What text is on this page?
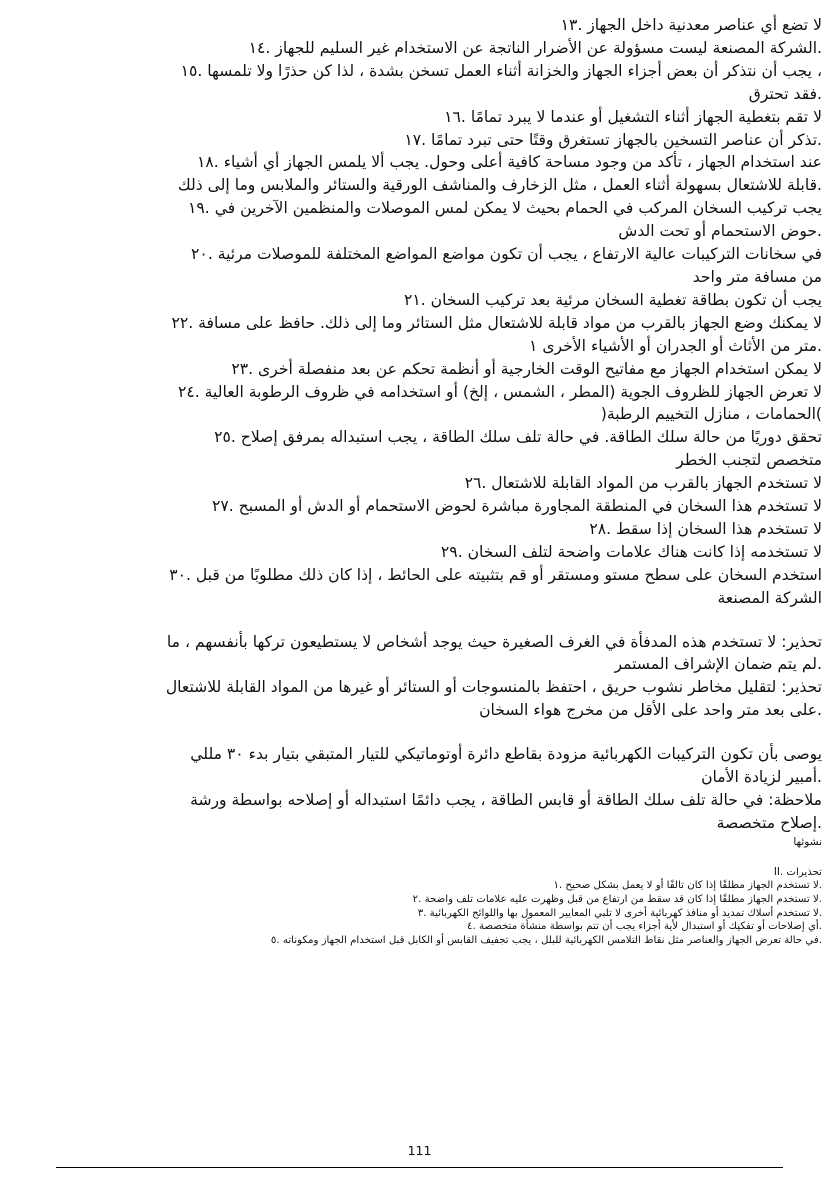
لا تضع أي عناصر معدنية داخل الجهاز .١٣

.الشركة المصنعة ليست مسؤولة عن الأضرار الناتجة عن الاستخدام غير السليم للجهاز .١٤

، يجب أن نتذكر أن بعض أجزاء الجهاز والخزانة أثناء العمل تسخن بشدة ، لذا كن حذرًا ولا تلمسها .١٥

.فقد تحترق

لا تقم بتغطية الجهاز أثناء التشغيل أو عندما لا يبرد تمامًا .١٦

.تذكر أن عناصر التسخين بالجهاز تستغرق وقتًا حتى تبرد تمامًا .١٧

عند استخدام الجهاز ، تأكد من وجود مساحة كافية أعلى وحول. يجب ألا يلمس الجهاز أي أشياء .١٨

.قابلة للاشتعال بسهولة أثناء العمل ، مثل الزخارف والمناشف الورقية والستائر والملابس وما إلى ذلك

يجب تركيب السخان المركب في الحمام بحيث لا يمكن لمس الموصلات والمنظمين الآخرين في .١٩

.حوض الاستحمام أو تحت الدش

في سخانات التركيبات عالية الارتفاع ، يجب أن تكون مواضع المواضع المختلفة للموصلات مرئية .٢٠

من مسافة متر واحد

يجب أن تكون بطاقة تغطية السخان مرئية بعد تركيب السخان .٢١

لا يمكنك وضع الجهاز بالقرب من مواد قابلة للاشتعال مثل الستائر وما إلى ذلك. حافظ على مسافة .٢٢

.متر من الأثاث أو الجدران أو الأشياء الأخرى ١

لا يمكن استخدام الجهاز مع مفاتيح الوقت الخارجية أو أنظمة تحكم عن بعد منفصلة أخرى .٢٣

لا تعرض الجهاز للظروف الجوية (المطر ، الشمس ، إلخ) أو استخدامه في ظروف الرطوبة العالية .٢٤

)الحمامات ، منازل التخييم الرطبة(

تحقق دوريًا من حالة سلك الطاقة. في حالة تلف سلك الطاقة ، يجب استبداله بمرفق إصلاح .٢٥

متخصص لتجنب الخطر

لا تستخدم الجهاز بالقرب من المواد القابلة للاشتعال .٢٦

لا تستخدم هذا السخان في المنطقة المجاورة مباشرة لحوض الاستحمام أو الدش أو المسبح .٢٧

لا تستخدم هذا السخان إذا سقط .٢٨

لا تستخدمه إذا كانت هناك علامات واضحة لتلف السخان .٢٩

استخدم السخان على سطح مستو ومستقر أو قم بتثبيته على الحائط ، إذا كان ذلك مطلوبًا من قبل .٣٠

الشركة المصنعة

تحذير: لا تستخدم هذه المدفأة في الغرف الصغيرة حيث يوجد أشخاص لا يستطيعون تركها بأنفسهم ، ما

.لم يتم ضمان الإشراف المستمر

تحذير: لتقليل مخاطر نشوب حريق ، احتفظ بالمنسوجات أو الستائر أو غيرها من المواد القابلة للاشتعال

.على بعد متر واحد على الأقل من مخرج هواء السخان

يوصى بأن تكون التركيبات الكهربائية مزودة بقاطع دائرة أوتوماتيكي للتيار المتبقي بتيار بدء ٣٠ مللي

.أمبير لزيادة الأمان

ملاحظة: في حالة تلف سلك الطاقة أو قابس الطاقة ، يجب دائمًا استبداله أو إصلاحه بواسطة ورشة

.إصلاح متخصصة

نشوئها

تحذيرات .II

.لا تستخدم الجهاز مطلقًا إذا كان تالفًا أو لا يعمل بشكل صحيح .١

.لا تستخدم الجهاز مطلقًا إذا كان قد سقط من ارتفاع من قبل وظهرت عليه علامات تلف واضحة .٢

.لا تستخدم أسلاك تمديد أو منافذ كهربائية أخرى لا تلبي المعايير المعمول بها واللوائح الكهربائية .٣

.أي إصلاحات أو تفكيك أو استبدال لأية أجزاء يجب أن تتم بواسطة منشأة متخصصة .٤

.في حالة تعرض الجهاز والعناصر مثل نقاط التلامس الكهربائية للبلل ، يجب تجفيف القابس أو الكابل قبل استخدام الجهاز ومكوناته .٥

111
